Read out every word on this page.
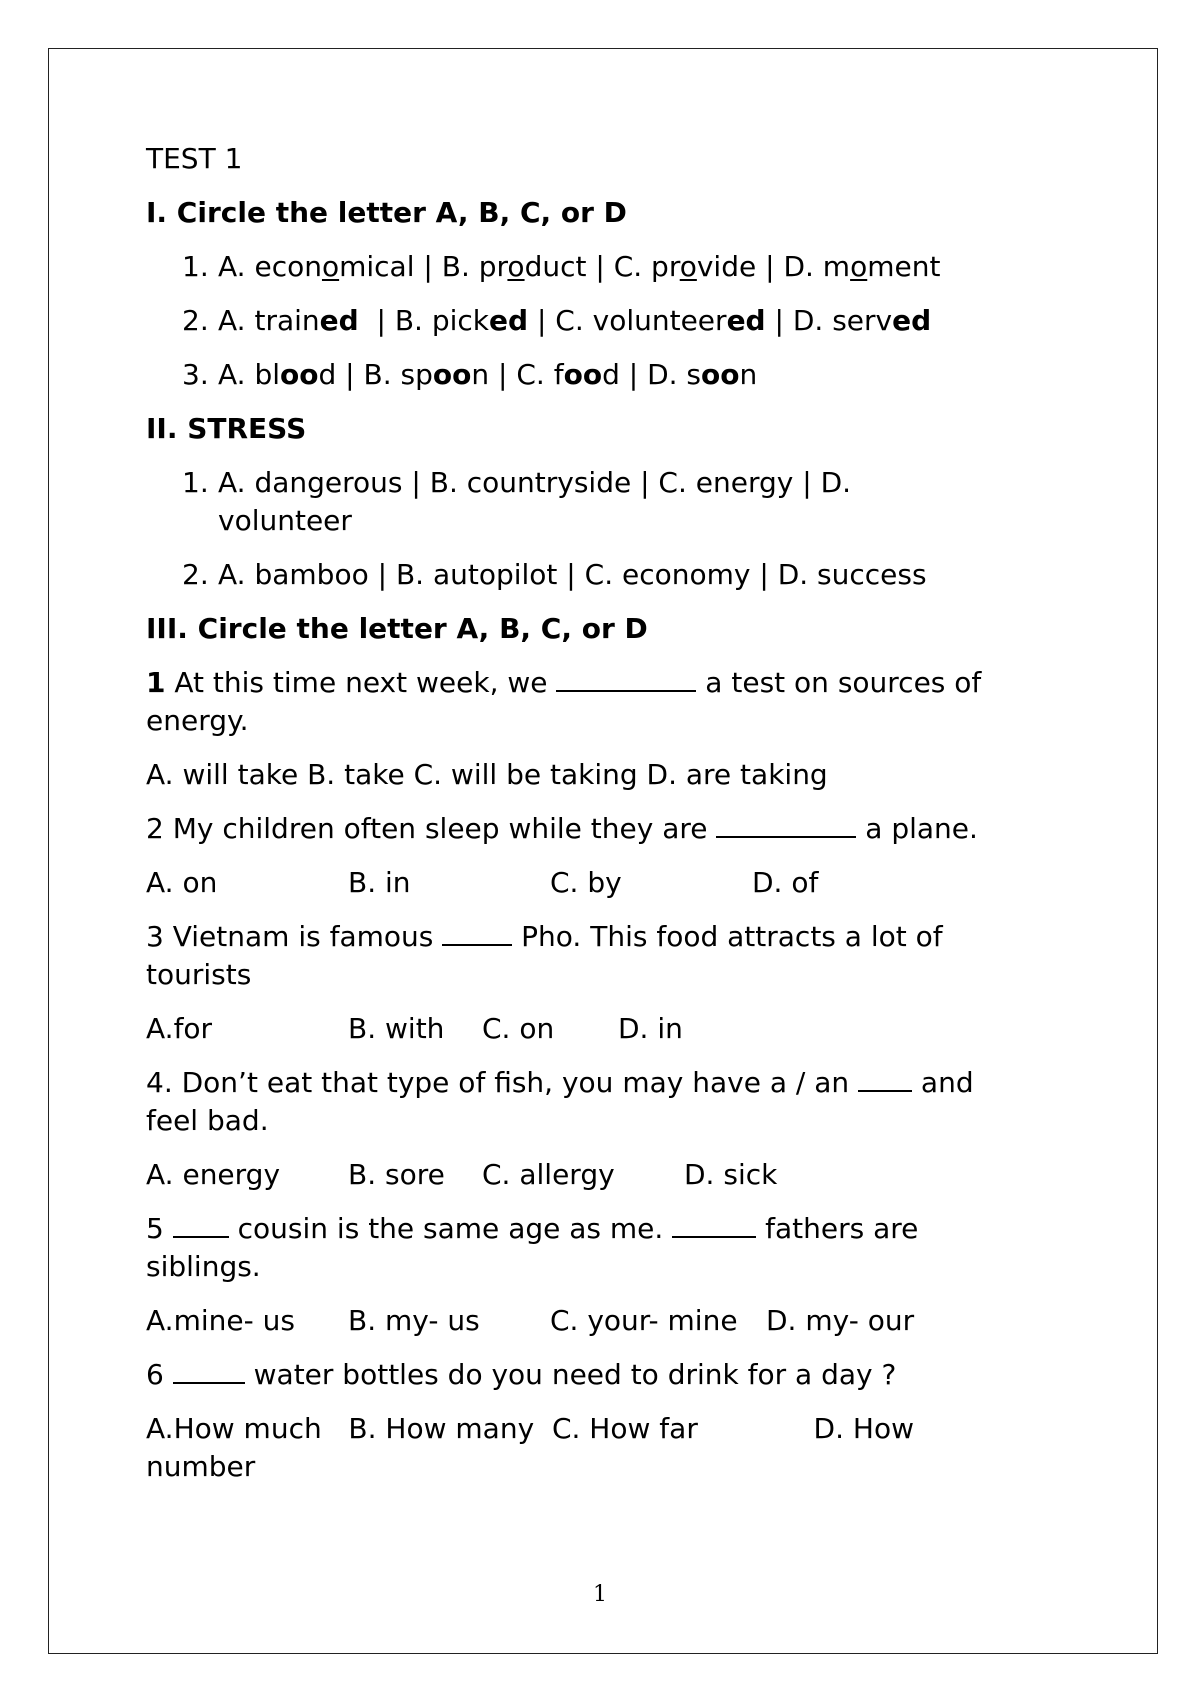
TEST 1
I. Circle the letter A, B, C, or D
1. A. economical | B. product | C. provide | D. moment
2. A. trained  | B. picked | C. volunteered | D. served
3. A. blood | B. spoon | C. food | D. soon
II. STRESS
1. A. dangerous | B. countryside | C. energy | D. volunteer
2. A. bamboo | B. autopilot | C. economy | D. success
III. Circle the letter A, B, C, or D
1 At this time next week, we	a test on sources of energy.
A. will take B. take C. will be taking D. are taking
2 My children often sleep while they are	a plane.
A. on	B. in	C. by	D. of
3 Vietnam is famous	Pho. This food attracts a lot of tourists
A.for	B. with	C. on	D. in
4. Don’t eat that type of fish, you may have a / an  and feel bad.
A. energy	B. sore	C. allergy	D. sick
5  cousin is the same age as me.	fathers are siblings.
A.mine- us	B. my- us	C. your- mine	D. my- our
6	water bottles do you need to drink for a day ?
A.How much   B. How many  C. How far             D. How number
1
